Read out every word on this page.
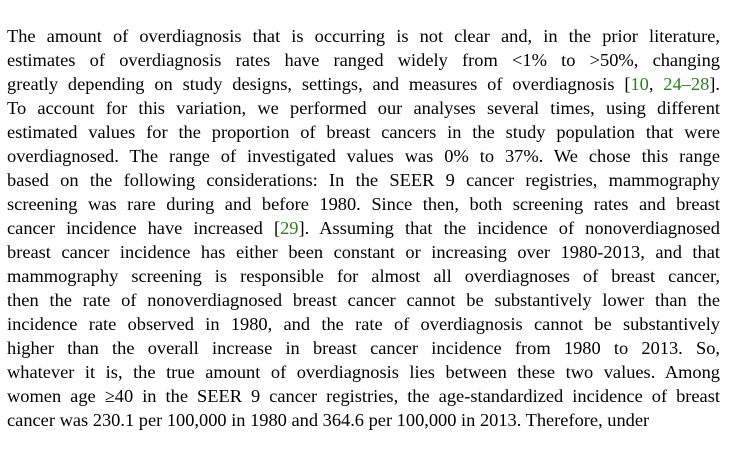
The amount of overdiagnosis that is occurring is not clear and, in the prior literature,
estimates of overdiagnosis rates have ranged widely from <1% to >50%, changing
greatly depending on study designs, settings, and measures of overdiagnosis [10, 24–28].
To account for this variation, we performed our analyses several times, using different
estimated values for the proportion of breast cancers in the study population that were
overdiagnosed. The range of investigated values was 0% to 37%. We chose this range
based on the following considerations: In the SEER 9 cancer registries, mammography
screening was rare during and before 1980. Since then, both screening rates and breast
cancer incidence have increased [29]. Assuming that the incidence of nonoverdiagnosed
breast cancer incidence has either been constant or increasing over 1980-2013, and that
mammography screening is responsible for almost all overdiagnoses of breast cancer,
then the rate of nonoverdiagnosed breast cancer cannot be substantively lower than the
incidence rate observed in 1980, and the rate of overdiagnosis cannot be substantively
higher than the overall increase in breast cancer incidence from 1980 to 2013. So,
whatever it is, the true amount of overdiagnosis lies between these two values. Among
women age ≥40 in the SEER 9 cancer registries, the age-standardized incidence of breast
cancer was 230.1 per 100,000 in 1980 and 364.6 per 100,000 in 2013. Therefore, under
